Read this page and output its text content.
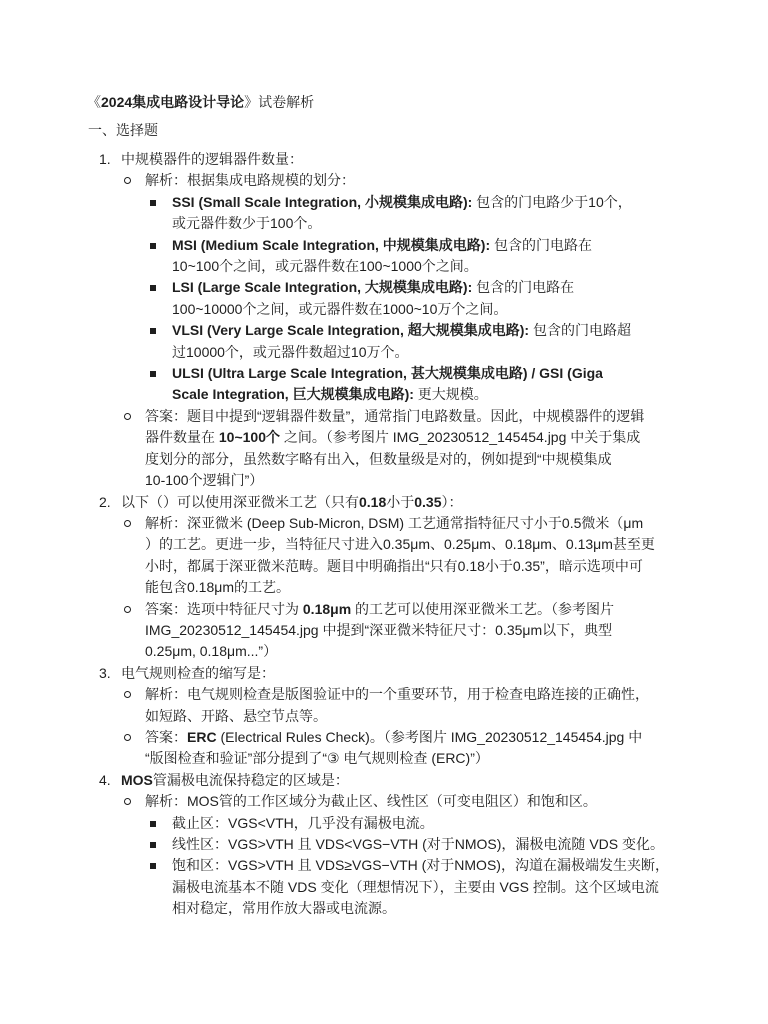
《2024集成电路设计导论》试卷解析
一、选择题
1. 中规模器件的逻辑器件数量：
解析：根据集成电路规模的划分：
SSI (Small Scale Integration, 小规模集成电路): 包含的门电路少于10个，
或元器件数少于100个。
MSI (Medium Scale Integration, 中规模集成电路): 包含的门电路在
10~100个之间，或元器件数在100~1000个之间。
LSI (Large Scale Integration, 大规模集成电路): 包含的门电路在
100~10000个之间，或元器件数在1000~10万个之间。
VLSI (Very Large Scale Integration, 超大规模集成电路): 包含的门电路超
过10000个，或元器件数超过10万个。
ULSI (Ultra Large Scale Integration, 甚大规模集成电路) / GSI (Giga
Scale Integration, 巨大规模集成电路): 更大规模。
答案：题目中提到“逻辑器件数量”，通常指门电路数量。因此，中规模器件的逻辑
器件数量在 10~100个 之间。（参考图片 IMG_20230512_145454.jpg 中关于集成
度划分的部分，虽然数字略有出入，但数量级是对的，例如提到“中规模集成
10-100个逻辑门”）
2. 以下（）可以使用深亚微米工艺（只有0.18小于0.35）：
解析：深亚微米 (Deep Sub-Micron, DSM) 工艺通常指特征尺寸小于0.5微米（μm
）的工艺。更进一步，当特征尺寸进入0.35μm、0.25μm、0.18μm、0.13μm甚至更
小时，都属于深亚微米范畴。题目中明确指出“只有0.18小于0.35”，暗示选项中可
能包含0.18μm的工艺。
答案：选项中特征尺寸为 0.18μm 的工艺可以使用深亚微米工艺。（参考图片
IMG_20230512_145454.jpg 中提到“深亚微米特征尺寸：0.35μm以下，典型
0.25μm, 0.18μm...”）
3. 电气规则检查的缩写是：
解析：电气规则检查是版图验证中的一个重要环节，用于检查电路连接的正确性，
如短路、开路、悬空节点等。
答案：ERC (Electrical Rules Check)。（参考图片 IMG_20230512_145454.jpg 中
“版图检查和验证”部分提到了“③ 电气规则检查 (ERC)”）
4. MOS管漏极电流保持稳定的区域是：
解析：MOS管的工作区域分为截止区、线性区（可变电阻区）和饱和区。
截止区：VGS<VTH，几乎没有漏极电流。
线性区：VGS>VTH 且 VDS<VGS−VTH (对于NMOS)，漏极电流随 VDS 变化。
饱和区：VGS>VTH 且 VDS≥VGS−VTH (对于NMOS)，沟道在漏极端发生夹断，
漏极电流基本不随 VDS 变化（理想情况下），主要由 VGS 控制。这个区域电流
相对稳定，常用作放大器或电流源。
